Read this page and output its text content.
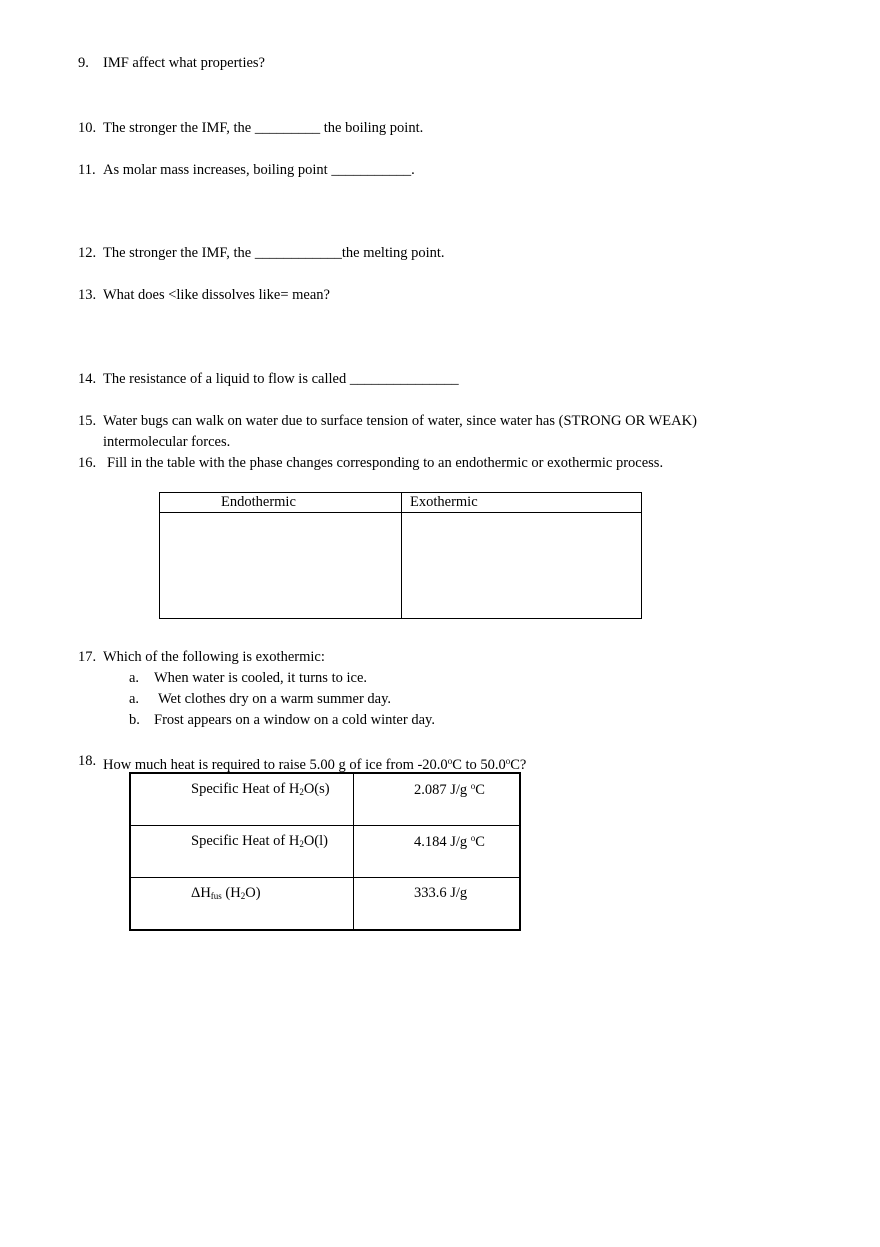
9. IMF affect what properties?
10. The stronger the IMF, the _________ the boiling point.
11. As molar mass increases, boiling point ___________.
12. The stronger the IMF, the ____________the melting point.
13. What does <like dissolves like= mean?
14. The resistance of a liquid to flow is called _______________
15. Water bugs can walk on water due to surface tension of water, since water has (STRONG OR WEAK)
intermolecular forces.
16. Fill in the table with the phase changes corresponding to an endothermic or exothermic process.
Endothermic	Exothermic

17. Which of the following is exothermic:
a. When water is cooled, it turns to ice.
a. Wet clothes dry on a warm summer day.
b. Frost appears on a window on a cold winter day.
18. How much heat is required to raise 5.00 g of ice from -20.0$^o$C to 50.0$^o$C?
Specific Heat of $H_2O(s)$	2.087 J/g $^o$C
Specific Heat of $H_2O(l)$	4.184 J/g $^o$C
$\Delta H_{fus}$ $(H_2O)$	333.6 J/g
